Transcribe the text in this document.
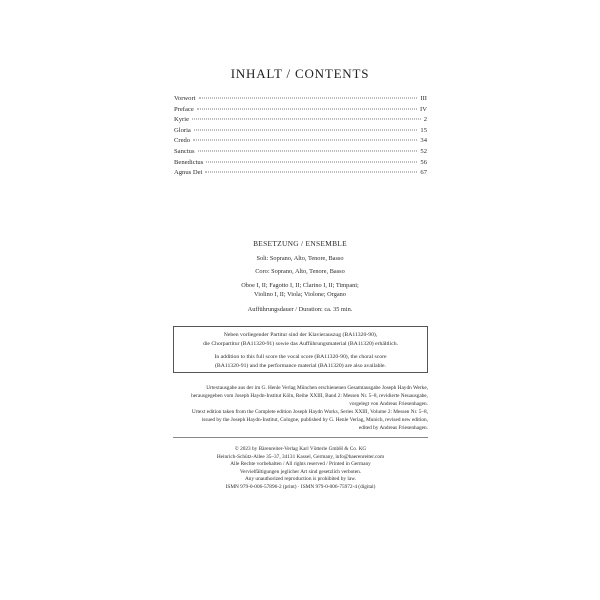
INHALT / CONTENTS
Vorwort	III
Preface	IV
Kyrie	2
Gloria	15
Credo	34
Sanctus	52
Benedictus	56
Agnus Dei	67
BESETZUNG / ENSEMBLE
Soli: Soprano, Alto, Tenore, Basso
Coro: Soprano, Alto, Tenore, Basso
Oboe I, II; Fagotto I, II; Clarino I, II; Timpani;
Violino I, II; Viola; Violone; Organo
Aufführungsdauer / Duration: ca. 35 min.
Neben vorliegender Partitur sind der Klavierauszug (BA11320-90),
die Chorpartitur (BA11320-91) sowie das Aufführungsmaterial (BA11320) erhältlich.
In addition to this full score the vocal score (BA11320-90), the choral score
(BA11320-91) and the performance material (BA11320) are also available.
Urtextausgabe aus der im G. Henle Verlag München erschienenen Gesamtausgabe Joseph Haydn Werke,
herausgegeben vom Joseph Haydn-Institut Köln, Reihe XXIII, Band 2: Messen Nr. 5–8, revidierte Neuausgabe,
vorgelegt von Andreas Friesenhagen.
Urtext edition taken from the Complete edition Joseph Haydn Works, Series XXIII, Volume 2: Messen Nr. 5–8,
issued by the Joseph Haydn-Institut, Cologne, published by G. Henle Verlag, Munich, revised new edition,
edited by Andreas Friesenhagen.
© 2023 by Bärenreiter-Verlag Karl Vötterle GmbH & Co. KG
Heinrich-Schütz-Allee 35–37, 34131 Kassel, Germany, info@baerenreiter.com
Alle Rechte vorbehalten / All rights reserved / Printed in Germany
Vervielfältigungen jeglicher Art sind gesetzlich verboten.
Any unauthorized reproduction is prohibited by law.
ISMN 979-0-006-57896-2 (print) · ISMN 979-0-006-75972-4 (digital)
